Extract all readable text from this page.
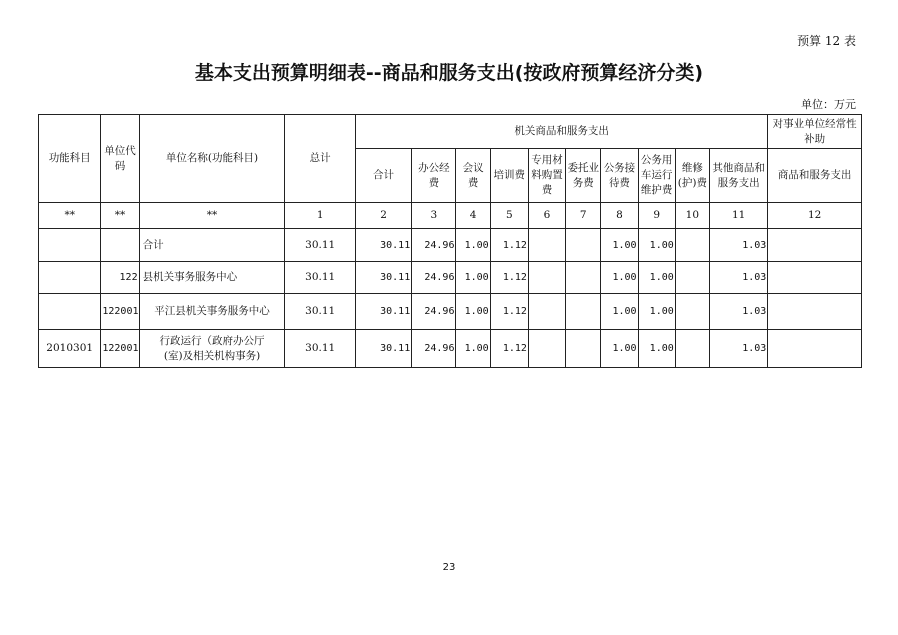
预算 12 表
基本支出预算明细表--商品和服务支出(按政府预算经济分类)
单位：万元
功能科目	单位代码	单位名称(功能科目)	总计	机关商品和服务支出										对事业单位经常性补助
				合计	办公经费	会议费	培训费	专用材料购置费	委托业务费	公务接待费	公务用车运行维护费	维修(护)费	其他商品和服务支出	商品和服务支出
**	**	**	1	2	3	4	5	6	7	8	9	10	11	12
		合计	30.11	30.11	24.96	1.00	1.12			1.00	1.00		1.03	
	122	县机关事务服务中心	30.11	30.11	24.96	1.00	1.12			1.00	1.00		1.03	
	122001	平江县机关事务服务中心	30.11	30.11	24.96	1.00	1.12			1.00	1.00		1.03	
2010301	122001	行政运行（政府办公厅(室)及相关机构事务)	30.11	30.11	24.96	1.00	1.12			1.00	1.00		1.03	
23
